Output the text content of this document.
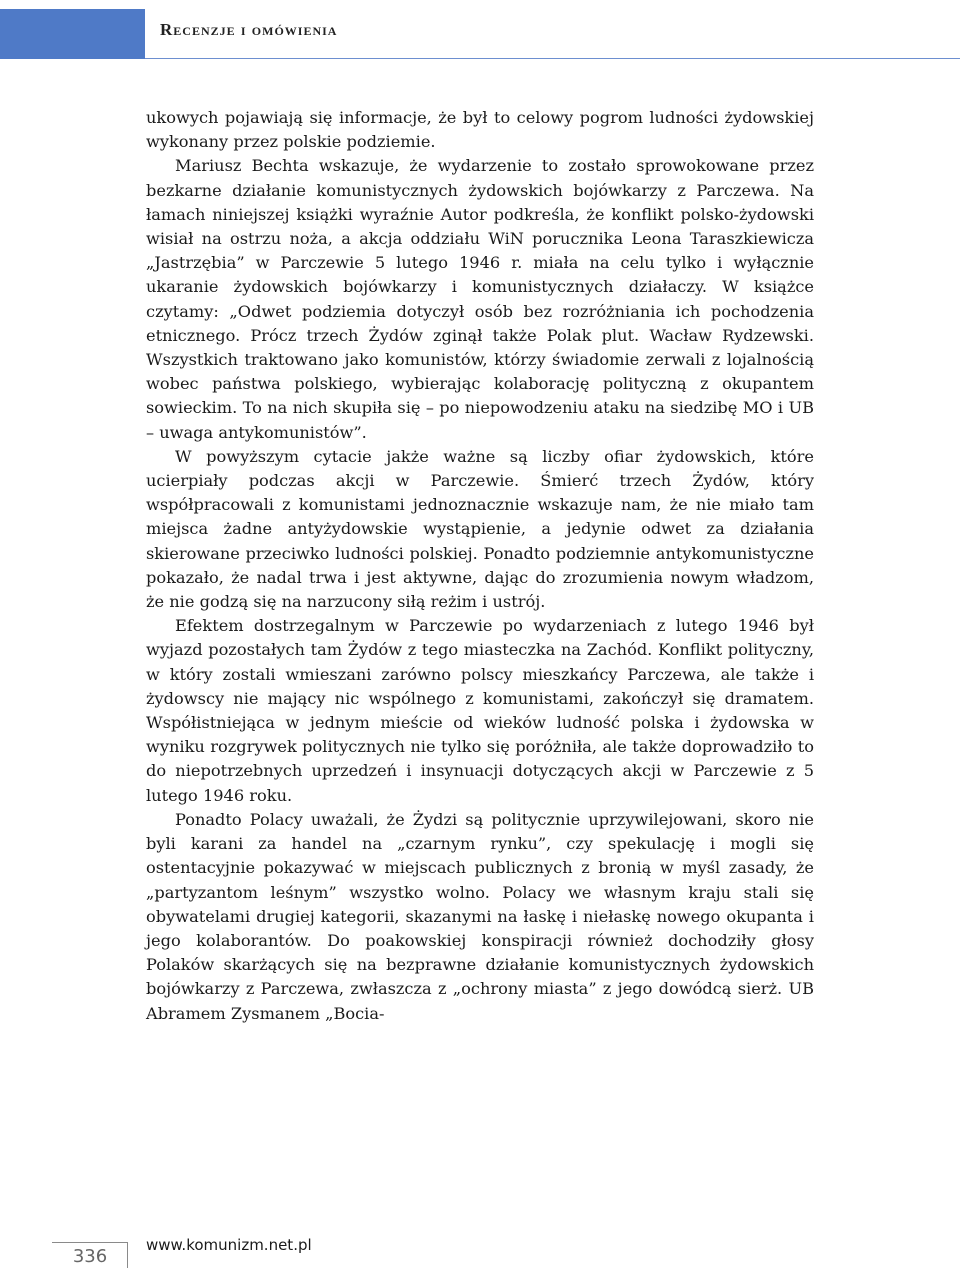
Recenzje i omówienia

ukowych pojawiają się informacje, że był to celowy pogrom ludności żydowskiej wykonany przez polskie podziemie.

Mariusz Bechta wskazuje, że wydarzenie to zostało sprowokowane przez bezkarne działanie komunistycznych żydowskich bojówkarzy z Parczewa. Na łamach niniejszej książki wyraźnie Autor podkreśla, że konflikt polsko-żydowski wisiał na ostrzu noża, a akcja oddziału WiN porucznika Leona Taraszkiewicza „Jastrzębia” w Parczewie 5 lutego 1946 r. miała na celu tylko i wyłącznie ukaranie żydowskich bojówkarzy i komunistycznych działaczy. W książce czytamy: „Odwet podziemia dotyczył osób bez rozróżniania ich pochodzenia etnicznego. Prócz trzech Żydów zginął także Polak plut. Wacław Rydzewski. Wszystkich traktowano jako komunistów, którzy świadomie zerwali z lojalnością wobec państwa polskiego, wybierając kolaborację polityczną z okupantem sowieckim. To na nich skupiła się – po niepowodzeniu ataku na siedzibę MO i UB – uwaga antykomunistów”.

W powyższym cytacie jakże ważne są liczby ofiar żydowskich, które ucierpiały podczas akcji w Parczewie. Śmierć trzech Żydów, który współpracowali z komunistami jednoznacznie wskazuje nam, że nie miało tam miejsca żadne antyżydowskie wystąpienie, a jedynie odwet za działania skierowane przeciwko ludności polskiej. Ponadto podziemnie antykomunistyczne pokazało, że nadal trwa i jest aktywne, dając do zrozumienia nowym władzom, że nie godzą się na narzucony siłą reżim i ustrój.

Efektem dostrzegalnym w Parczewie po wydarzeniach z lutego 1946 był wyjazd pozostałych tam Żydów z tego miasteczka na Zachód. Konflikt polityczny, w który zostali wmieszani zarówno polscy mieszkańcy Parczewa, ale także i żydowscy nie mający nic wspólnego z komunistami, zakończył się dramatem. Współistniejąca w jednym mieście od wieków ludność polska i żydowska w wyniku rozgrywek politycznych nie tylko się poróżniła, ale także doprowadziło to do niepotrzebnych uprzedzeń i insynuacji dotyczących akcji w Parczewie z 5 lutego 1946 roku.

Ponadto Polacy uważali, że Żydzi są politycznie uprzywilejowani, skoro nie byli karani za handel na „czarnym rynku”, czy spekulację i mogli się ostentacyjnie pokazywać w miejscach publicznych z bronią w myśl zasady, że „partyzantom leśnym” wszystko wolno. Polacy we własnym kraju stali się obywatelami drugiej kategorii, skazanymi na łaskę i niełaskę nowego okupanta i jego kolaborantów. Do poakowskiej konspiracji również dochodziły głosy Polaków skarżących się na bezprawne działanie komunistycznych żydowskich bojówkarzy z Parczewa, zwłaszcza z „ochrony miasta” z jego dowódcą sierż. UB Abramem Zysmanem „Bocia-

336
www.komunizm.net.pl
